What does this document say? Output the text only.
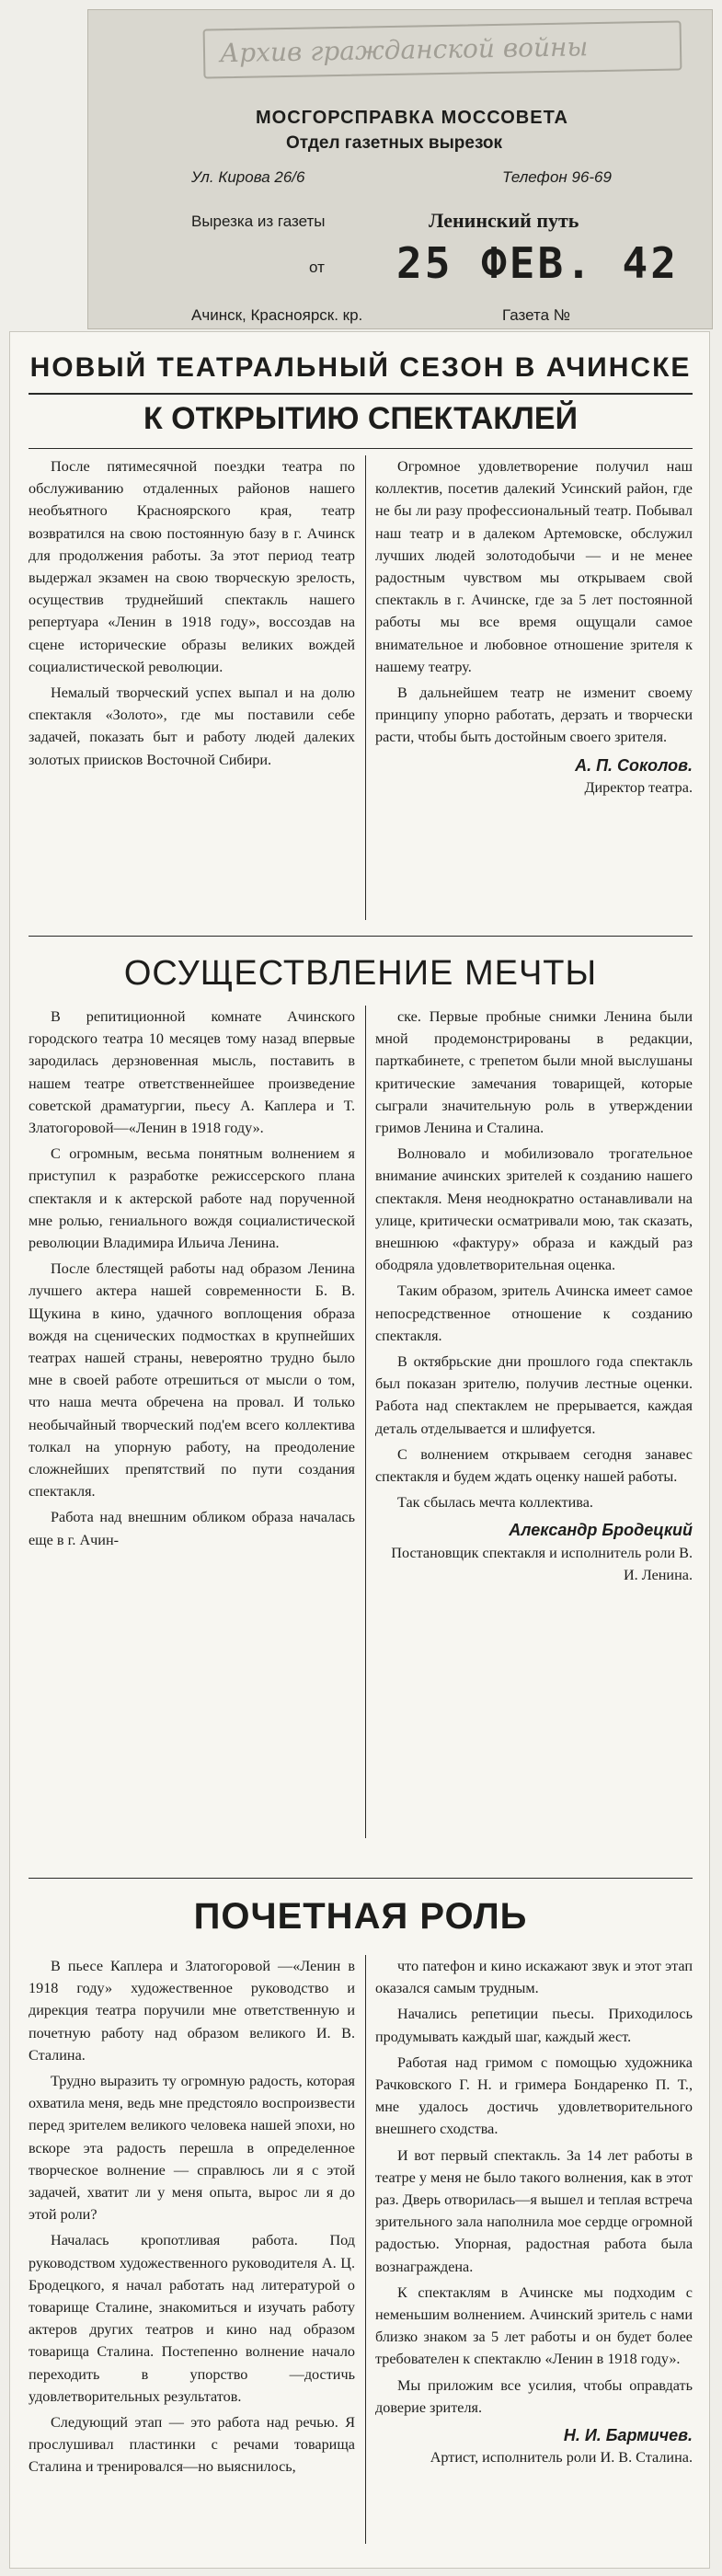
Архив гражданской войны
МОСГОРСПРАВКА МОССОВЕТА
Отдел газетных вырезок
Ул. Кирова 26/6	Телефон 96-69
Вырезка из газеты	Ленинский путь
от 25 ФЕВ. 42
Ачинск, Красноярск. кр.	Газета №
НОВЫЙ ТЕАТРАЛЬНЫЙ СЕЗОН В АЧИНСКЕ
К ОТКРЫТИЮ СПЕКТАКЛЕЙ

После пятимесячной поездки театра по обслуживанию отдаленных районов нашего необъятного Красноярского края, театр возвратился на свою постоянную базу в г. Ачинск для продолжения работы. За этот период театр выдержал экзамен на свою творческую зрелость, осуществив труднейший спектакль нашего репертуара «Ленин в 1918 году», воссоздав на сцене исторические образы великих вождей социалистической революции.

Немалый творческий успех выпал и на долю спектакля «Золото», где мы поставили себе задачей, показать быт и работу людей далеких золотых приисков Восточной Сибири.

Огромное удовлетворение получил наш коллектив, посетив далекий Усинский район, где не бы ли разу профессиональный театр. Побывал наш театр и в далеком Артемовске, обслужил лучших людей золотодобычи — и не менее радостным чувством мы открываем свой спектакль в г. Ачинске, где за 5 лет постоянной работы мы все время ощущали самое внимательное и любовное отношение зрителя к нашему театру.

В дальнейшем театр не изменит своему принципу упорно работать, дерзать и творчески расти, чтобы быть достойным своего зрителя.

А. П. Соколов.
Директор театра.
ОСУЩЕСТВЛЕНИЕ МЕЧТЫ

В репитиционной комнате Ачинского городского театра 10 месяцев тому назад впервые зародилась дерзновенная мысль, поставить в нашем театре ответственнейшее произведение советской драматургии, пьесу А. Каплера и Т. Златогоровой—«Ленин в 1918 году».

С огромным, весьма понятным волнением я приступил к разработке режиссерского плана спектакля и к актерской работе над порученной мне ролью, гениального вождя социалистической революции Владимира Ильича Ленина.

После блестящей работы над образом Ленина лучшего актера нашей современности Б. В. Щукина в кино, удачного воплощения образа вождя на сценических подмостках в крупнейших театрах нашей страны, невероятно трудно было мне в своей работе отрешиться от мысли о том, что наша мечта обречена на провал. И только необычайный творческий под'ем всего коллектива толкал на упорную работу, на преодоление сложнейших препятствий по пути создания спектакля.

Работа над внешним обликом образа началась еще в г. Ачин-

ске. Первые пробные снимки Ленина были мной продемонстрированы в редакции, парткабинете, с трепетом были мной выслушаны критические замечания товарищей, которые сыграли значительную роль в утверждении гримов Ленина и Сталина.

Волновало и мобилизовало трогательное внимание ачинских зрителей к созданию нашего спектакля. Меня неоднократно останавливали на улице, критически осматривали мою, так сказать, внешнюю «фактуру» образа и каждый раз ободряла удовлетворительная оценка.

Таким образом, зритель Ачинска имеет самое непосредственное отношение к созданию спектакля.

В октябрьские дни прошлого года спектакль был показан зрителю, получив лестные оценки. Работа над спектаклем не прерывается, каждая деталь отделывается и шлифуется.

С волнением открываем сегодня занавес спектакля и будем ждать оценку нашей работы.

Так сбылась мечта коллектива.

Александр Бродецкий
Постановщик спектакля и исполнитель роли В. И. Ленина.
ПОЧЕТНАЯ РОЛЬ

В пьесе Каплера и Златогоровой —«Ленин в 1918 году» художественное руководство и дирекция театра поручили мне ответственную и почетную работу над образом великого И. В. Сталина.

Трудно выразить ту огромную радость, которая охватила меня, ведь мне предстояло воспроизвести перед зрителем великого человека нашей эпохи, но вскоре эта радость перешла в определенное творческое волнение — справлюсь ли я с этой задачей, хватит ли у меня опыта, вырос ли я до этой роли?

Началась кропотливая работа. Под руководством художественного руководителя А. Ц. Бродецкого, я начал работать над литературой о товарище Сталине, знакомиться и изучать работу актеров других театров и кино над образом товарища Сталина. Постепенно волнение начало переходить в упорство —достичь удовлетворительных результатов.

Следующий этап — это работа над речью. Я прослушивал пластинки с речами товарища Сталина и тренировался—но выяснилось,

что патефон и кино искажают звук и этот этап оказался самым трудным.

Начались репетиции пьесы. Приходилось продумывать каждый шаг, каждый жест.

Работая над гримом с помощью художника Рачковского Г. Н. и гримера Бондаренко П. Т., мне удалось достичь удовлетворительного внешнего сходства.

И вот первый спектакль. За 14 лет работы в театре у меня не было такого волнения, как в этот раз. Дверь отворилась—я вышел и теплая встреча зрительного зала наполнила мое сердце огромной радостью. Упорная, радостная работа была вознаграждена.

К спектаклям в Ачинске мы подходим с неменьшим волнением. Ачинский зритель с нами близко знаком за 5 лет работы и он будет более требователен к спектаклю «Ленин в 1918 году».

Мы приложим все усилия, чтобы оправдать доверие зрителя.

Н. И. Бармичев.
Артист, исполнитель роли И. В. Сталина.
